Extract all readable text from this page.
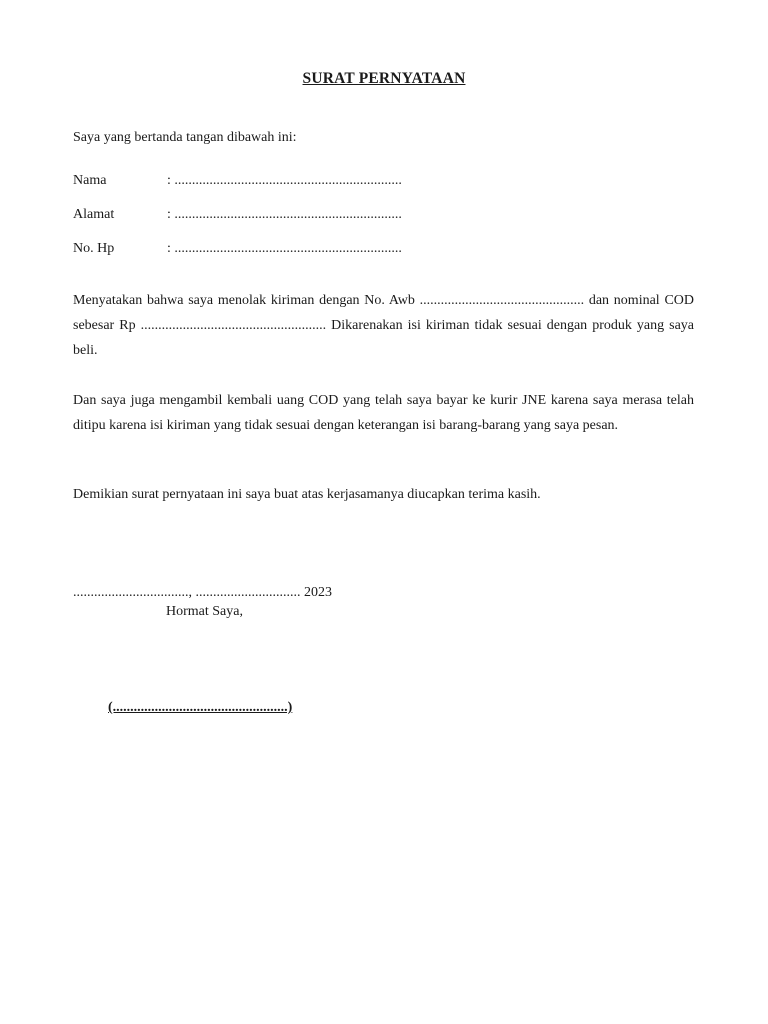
SURAT PERNYATAAN
Saya yang bertanda tangan dibawah ini:
Nama	: .................................................................
Alamat	: .................................................................
No. Hp	: .................................................................

Menyatakan bahwa saya menolak kiriman dengan No. Awb ............................................... dan nominal COD sebesar Rp ..................................................... Dikarenakan isi kiriman tidak sesuai dengan produk yang saya beli.

Dan saya juga mengambil kembali uang COD yang telah saya bayar ke kurir JNE karena saya merasa telah ditipu karena isi kiriman yang tidak sesuai dengan keterangan isi barang-barang yang saya pesan.

Demikian surat pernyataan ini saya buat atas kerjasamanya diucapkan terima kasih.

................................., .............................. 2023
Hormat Saya,
(..................................................)
